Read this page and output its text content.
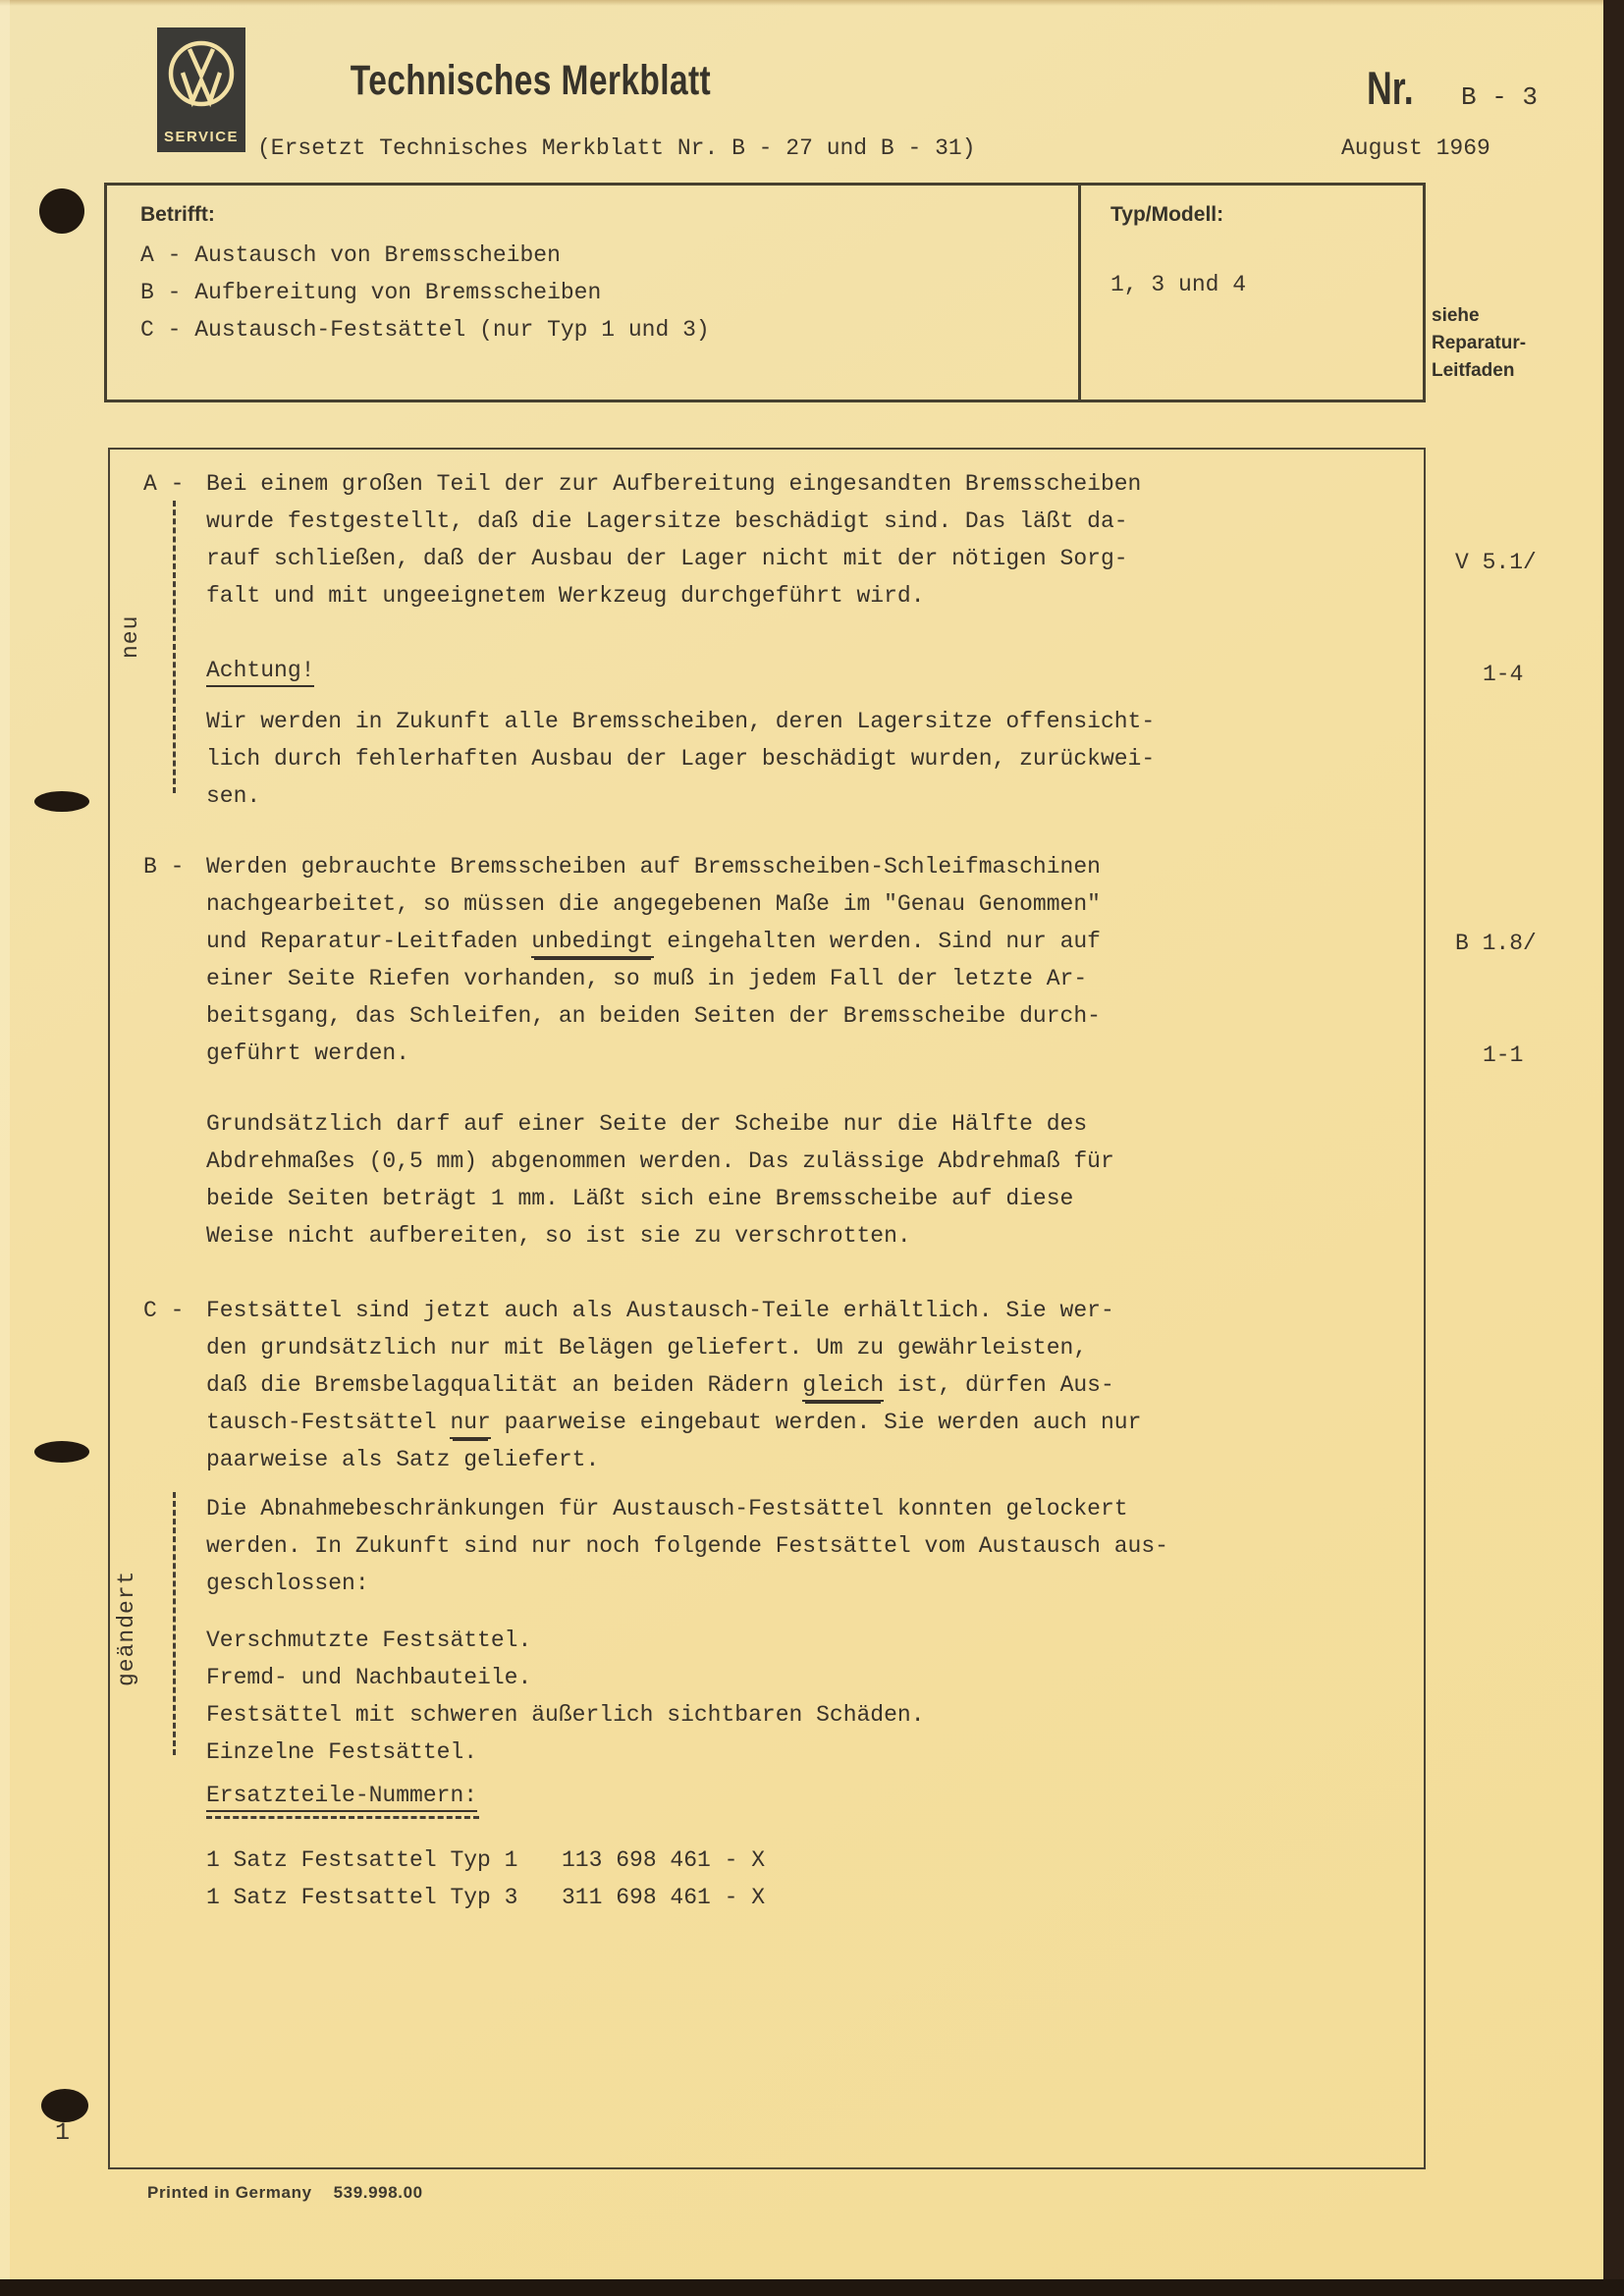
SERVICE
Technisches Merkblatt
(Ersetzt Technisches Merkblatt Nr. B - 27 und B - 31)
Nr.	B - 3
August 1969
Betrifft:
A - Austausch von Bremsscheiben
B - Aufbereitung von Bremsscheiben
C - Austausch-Festsättel (nur Typ 1 und 3)
Typ/Modell:
1, 3 und 4
siehe
Reparatur-
Leitfaden

V 5.1/

1-4

B 1.8/

1-1

neu
geändert
A - Bei einem großen Teil der zur Aufbereitung eingesandten Bremsscheiben
wurde festgestellt, daß die Lagersitze beschädigt sind. Das läßt da-
rauf schließen, daß der Ausbau der Lager nicht mit der nötigen Sorg-
falt und mit ungeeignetem Werkzeug durchgeführt wird.
Achtung!
Wir werden in Zukunft alle Bremsscheiben, deren Lagersitze offensicht-
lich durch fehlerhaften Ausbau der Lager beschädigt wurden, zurückwei-
sen.
B - Werden gebrauchte Bremsscheiben auf Bremsscheiben-Schleifmaschinen
nachgearbeitet, so müssen die angegebenen Maße im "Genau Genommen"
und Reparatur-Leitfaden unbedingt eingehalten werden. Sind nur auf
einer Seite Riefen vorhanden, so muß in jedem Fall der letzte Ar-
beitsgang, das Schleifen, an beiden Seiten der Bremsscheibe durch-
geführt werden.
Grundsätzlich darf auf einer Seite der Scheibe nur die Hälfte des
Abdrehmaßes (0,5 mm) abgenommen werden. Das zulässige Abdrehmaß für
beide Seiten beträgt 1 mm. Läßt sich eine Bremsscheibe auf diese
Weise nicht aufbereiten, so ist sie zu verschrotten.
C - Festsättel sind jetzt auch als Austausch-Teile erhältlich. Sie wer-
den grundsätzlich nur mit Belägen geliefert. Um zu gewährleisten,
daß die Bremsbelagqualität an beiden Rädern gleich ist, dürfen Aus-
tausch-Festsättel nur paarweise eingebaut werden. Sie werden auch nur
paarweise als Satz geliefert.
Die Abnahmebeschränkungen für Austausch-Festsättel konnten gelockert
werden. In Zukunft sind nur noch folgende Festsättel vom Austausch aus-
geschlossen:
Verschmutzte Festsättel.
Fremd- und Nachbauteile.
Festsättel mit schweren äußerlich sichtbaren Schäden.
Einzelne Festsättel.
Ersatzteile-Nummern:
1 Satz Festsattel Typ 1 113 698 461 - X
1 Satz Festsattel Typ 3 311 698 461 - X
1
Printed in Germany 539.998.00
